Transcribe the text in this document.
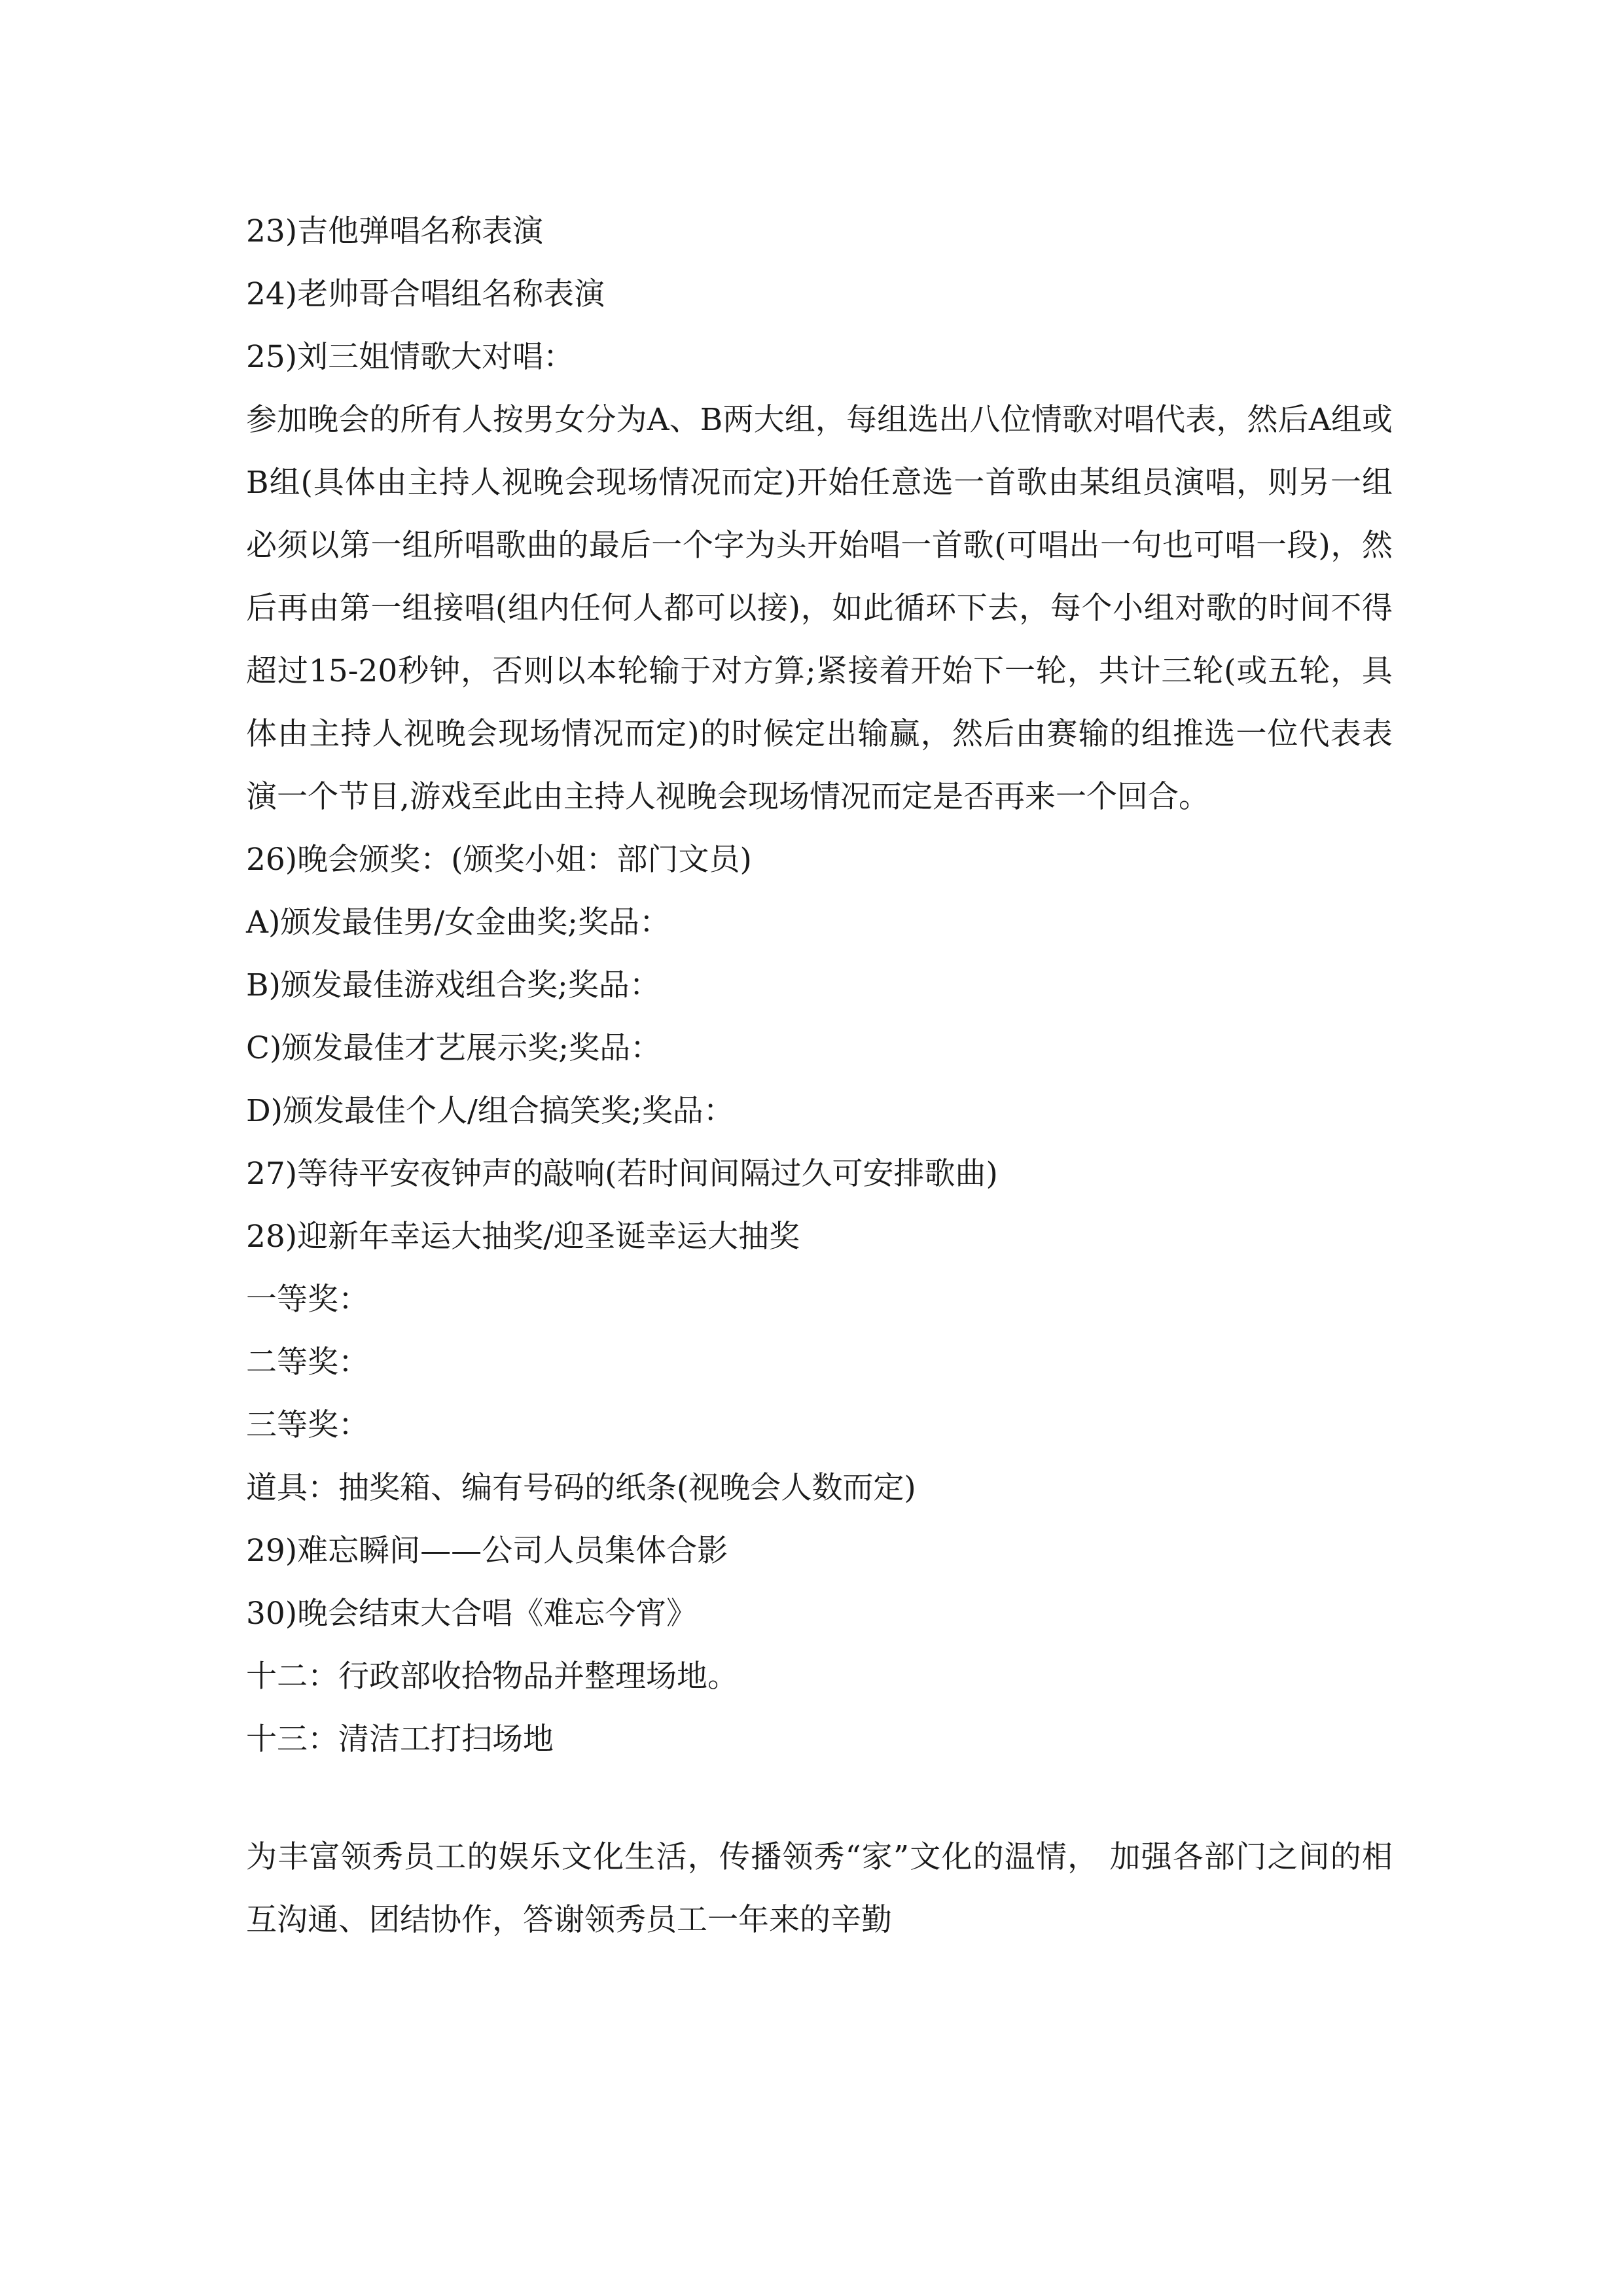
23)吉他弹唱名称表演
24)老帅哥合唱组名称表演
25)刘三姐情歌大对唱：
参加晚会的所有人按男女分为A、B两大组，每组选出八位情歌对唱代表，然后A组或B组(具体由主持人视晚会现场情况而定)开始任意选一首歌由某组员演唱，则另一组必须以第一组所唱歌曲的最后一个字为头开始唱一首歌(可唱出一句也可唱一段)，然后再由第一组接唱(组内任何人都可以接)，如此循环下去，每个小组对歌的时间不得超过15-20秒钟，否则以本轮输于对方算;紧接着开始下一轮，共计三轮(或五轮，具体由主持人视晚会现场情况而定)的时候定出输赢，然后由赛输的组推选一位代表表演一个节目,游戏至此由主持人视晚会现场情况而定是否再来一个回合。
26)晚会颁奖：(颁奖小姐：部门文员)
A)颁发最佳男/女金曲奖;奖品：
B)颁发最佳游戏组合奖;奖品：
C)颁发最佳才艺展示奖;奖品：
D)颁发最佳个人/组合搞笑奖;奖品：
27)等待平安夜钟声的敲响(若时间间隔过久可安排歌曲)
28)迎新年幸运大抽奖/迎圣诞幸运大抽奖
一等奖：
二等奖：
三等奖：
道具：抽奖箱、编有号码的纸条(视晚会人数而定)
29)难忘瞬间——公司人员集体合影
30)晚会结束大合唱《难忘今宵》
十二：行政部收拾物品并整理场地。
十三：清洁工打扫场地
为丰富领秀员工的娱乐文化生活，传播领秀“家”文化的温情， 加强各部门之间的相互沟通、团结协作，答谢领秀员工一年来的辛勤
